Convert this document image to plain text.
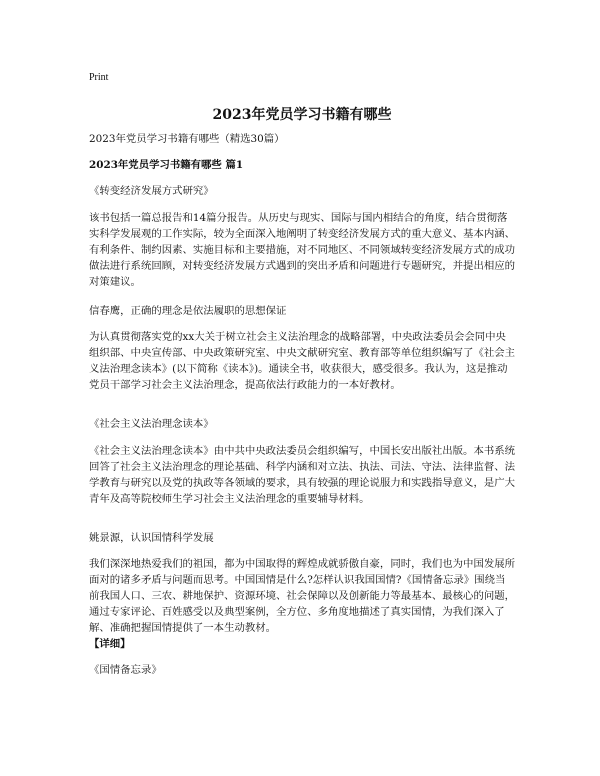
Print
2023年党员学习书籍有哪些

2023年党员学习书籍有哪些（精选30篇）

2023年党员学习书籍有哪些 篇1

《转变经济发展方式研究》

该书包括一篇总报告和14篇分报告。从历史与现实、国际与国内相结合的角度，结合贯彻落实科学发展观的工作实际，较为全面深入地阐明了转变经济发展方式的重大意义、基本内涵、有利条件、制约因素、实施目标和主要措施，对不同地区、不同领域转变经济发展方式的成功做法进行系统回顾，对转变经济发展方式遇到的突出矛盾和问题进行专题研究，并提出相应的对策建议。

信春鹰，正确的理念是依法履职的思想保证

为认真贯彻落实党的xx大关于树立社会主义法治理念的战略部署，中央政法委员会会同中央组织部、中央宣传部、中央政策研究室、中央文献研究室、教育部等单位组织编写了《社会主义法治理念读本》(以下简称《读本》)。通读全书，收获很大，感受很多。我认为，这是推动党员干部学习社会主义法治理念，提高依法行政能力的一本好教材。

《社会主义法治理念读本》

《社会主义法治理念读本》由中共中央政法委员会组织编写，中国长安出版社出版。本书系统回答了社会主义法治理念的理论基础、科学内涵和对立法、执法、司法、守法、法律监督、法学教育与研究以及党的执政等各领域的要求，具有较强的理论说服力和实践指导意义，是广大青年及高等院校师生学习社会主义法治理念的重要辅导材料。

姚景源，认识国情科学发展

我们深深地热爱我们的祖国，都为中国取得的辉煌成就骄傲自豪，同时，我们也为中国发展所面对的诸多矛盾与问题而思考。中国国情是什么?怎样认识我国国情?《国情备忘录》围绕当前我国人口、三农、耕地保护、资源环境、社会保障以及创新能力等最基本、最核心的问题，通过专家评论、百姓感受以及典型案例，全方位、多角度地描述了真实国情，为我们深入了解、准确把握国情提供了一本生动教材。

【详细】

《国情备忘录》
